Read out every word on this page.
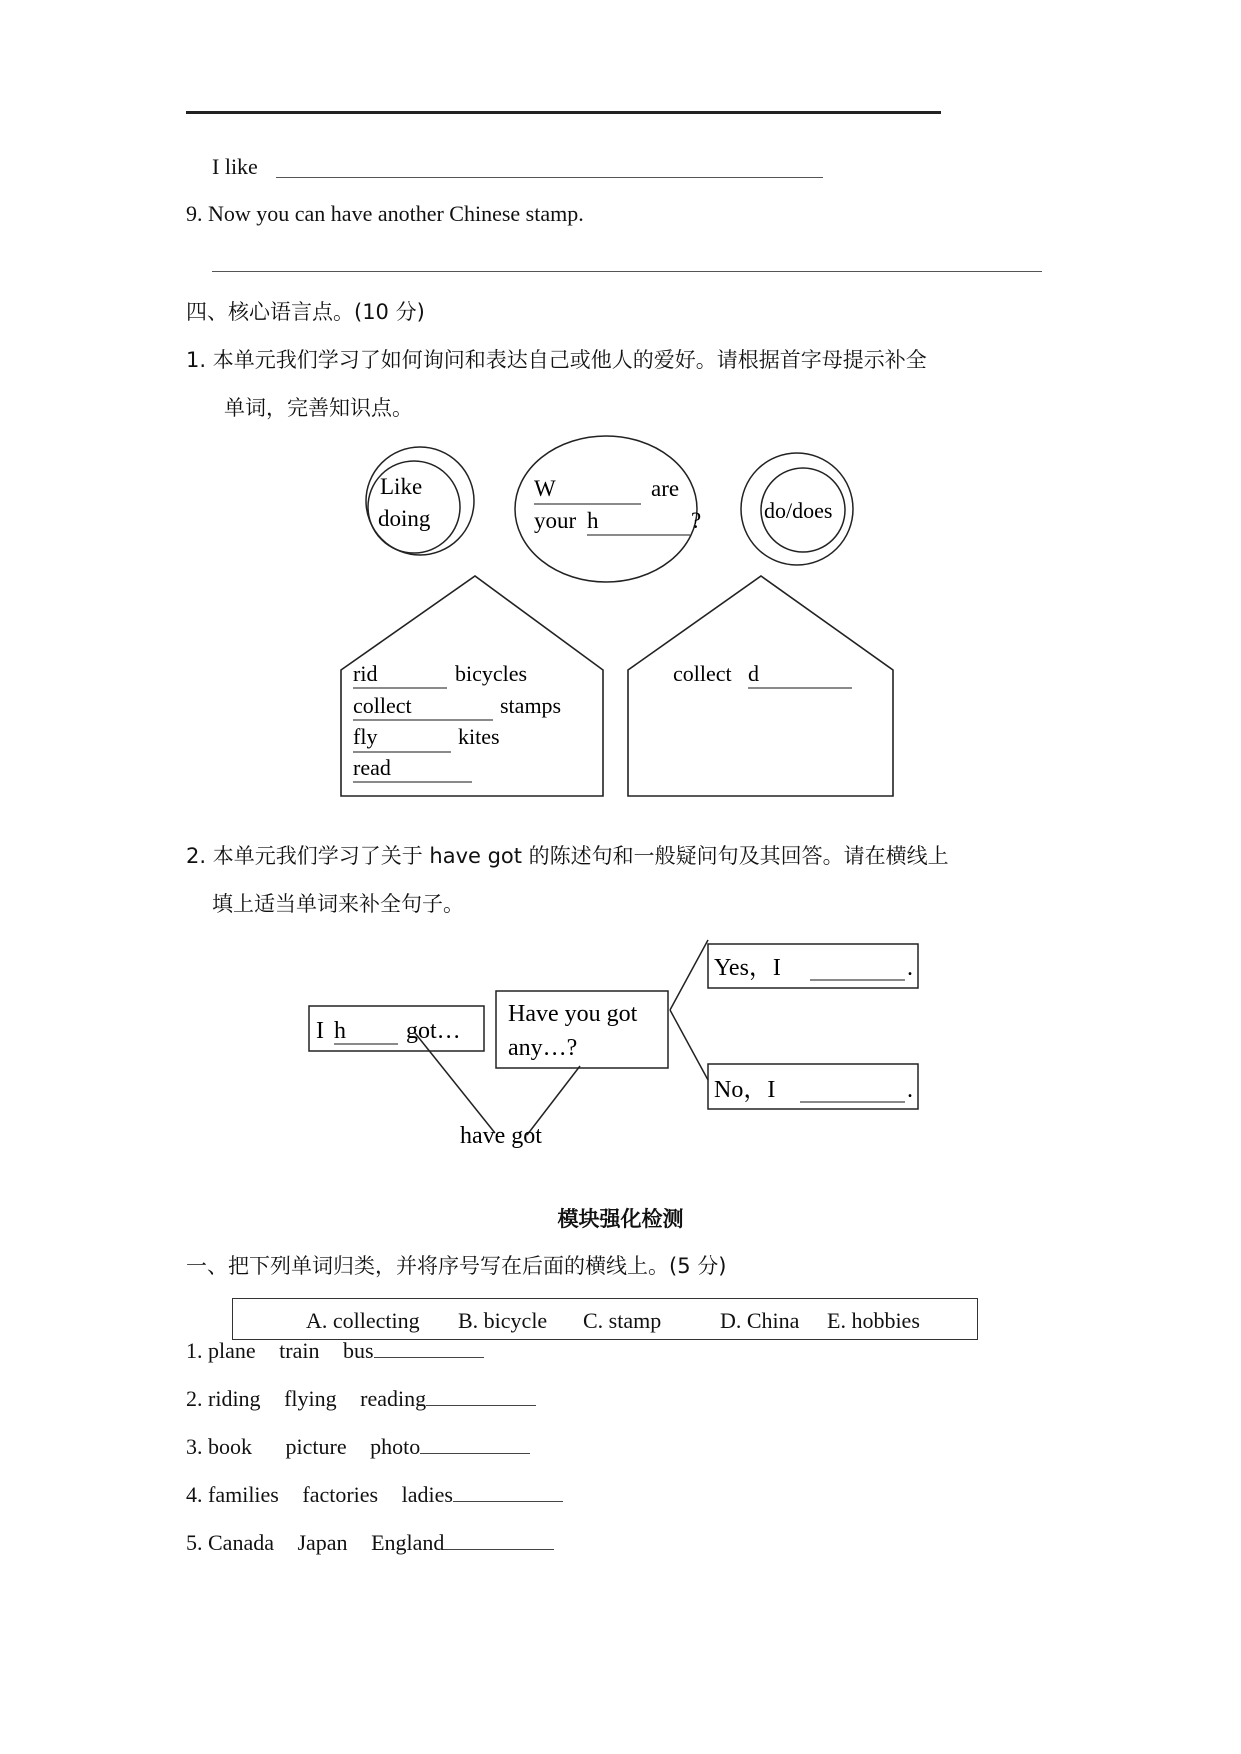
I like
9. Now you can have another Chinese stamp.
四、核心语言点。(10 分)
1. 本单元我们学习了如何询问和表达自己或他人的爱好。请根据首字母提示补全
单词，完善知识点。
Like
doing
W	are
your h	?	do/does
rid	bicycles
collect	stamps
fly	kites
read
collect d
2. 本单元我们学习了关于 have got 的陈述句和一般疑问句及其回答。请在横线上
填上适当单词来补全句子。
I h	got…
Have you got
any…?
Yes，I	.
No，I	.
have got
模块强化检测
一、把下列单词归类，并将序号写在后面的横线上。(5 分)
A. collecting B. bicycle C. stamp	D. China E. hobbies
1. plane train bus
2. riding flying reading
3. book picture photo
4. families factories ladies
5. Canada Japan England
